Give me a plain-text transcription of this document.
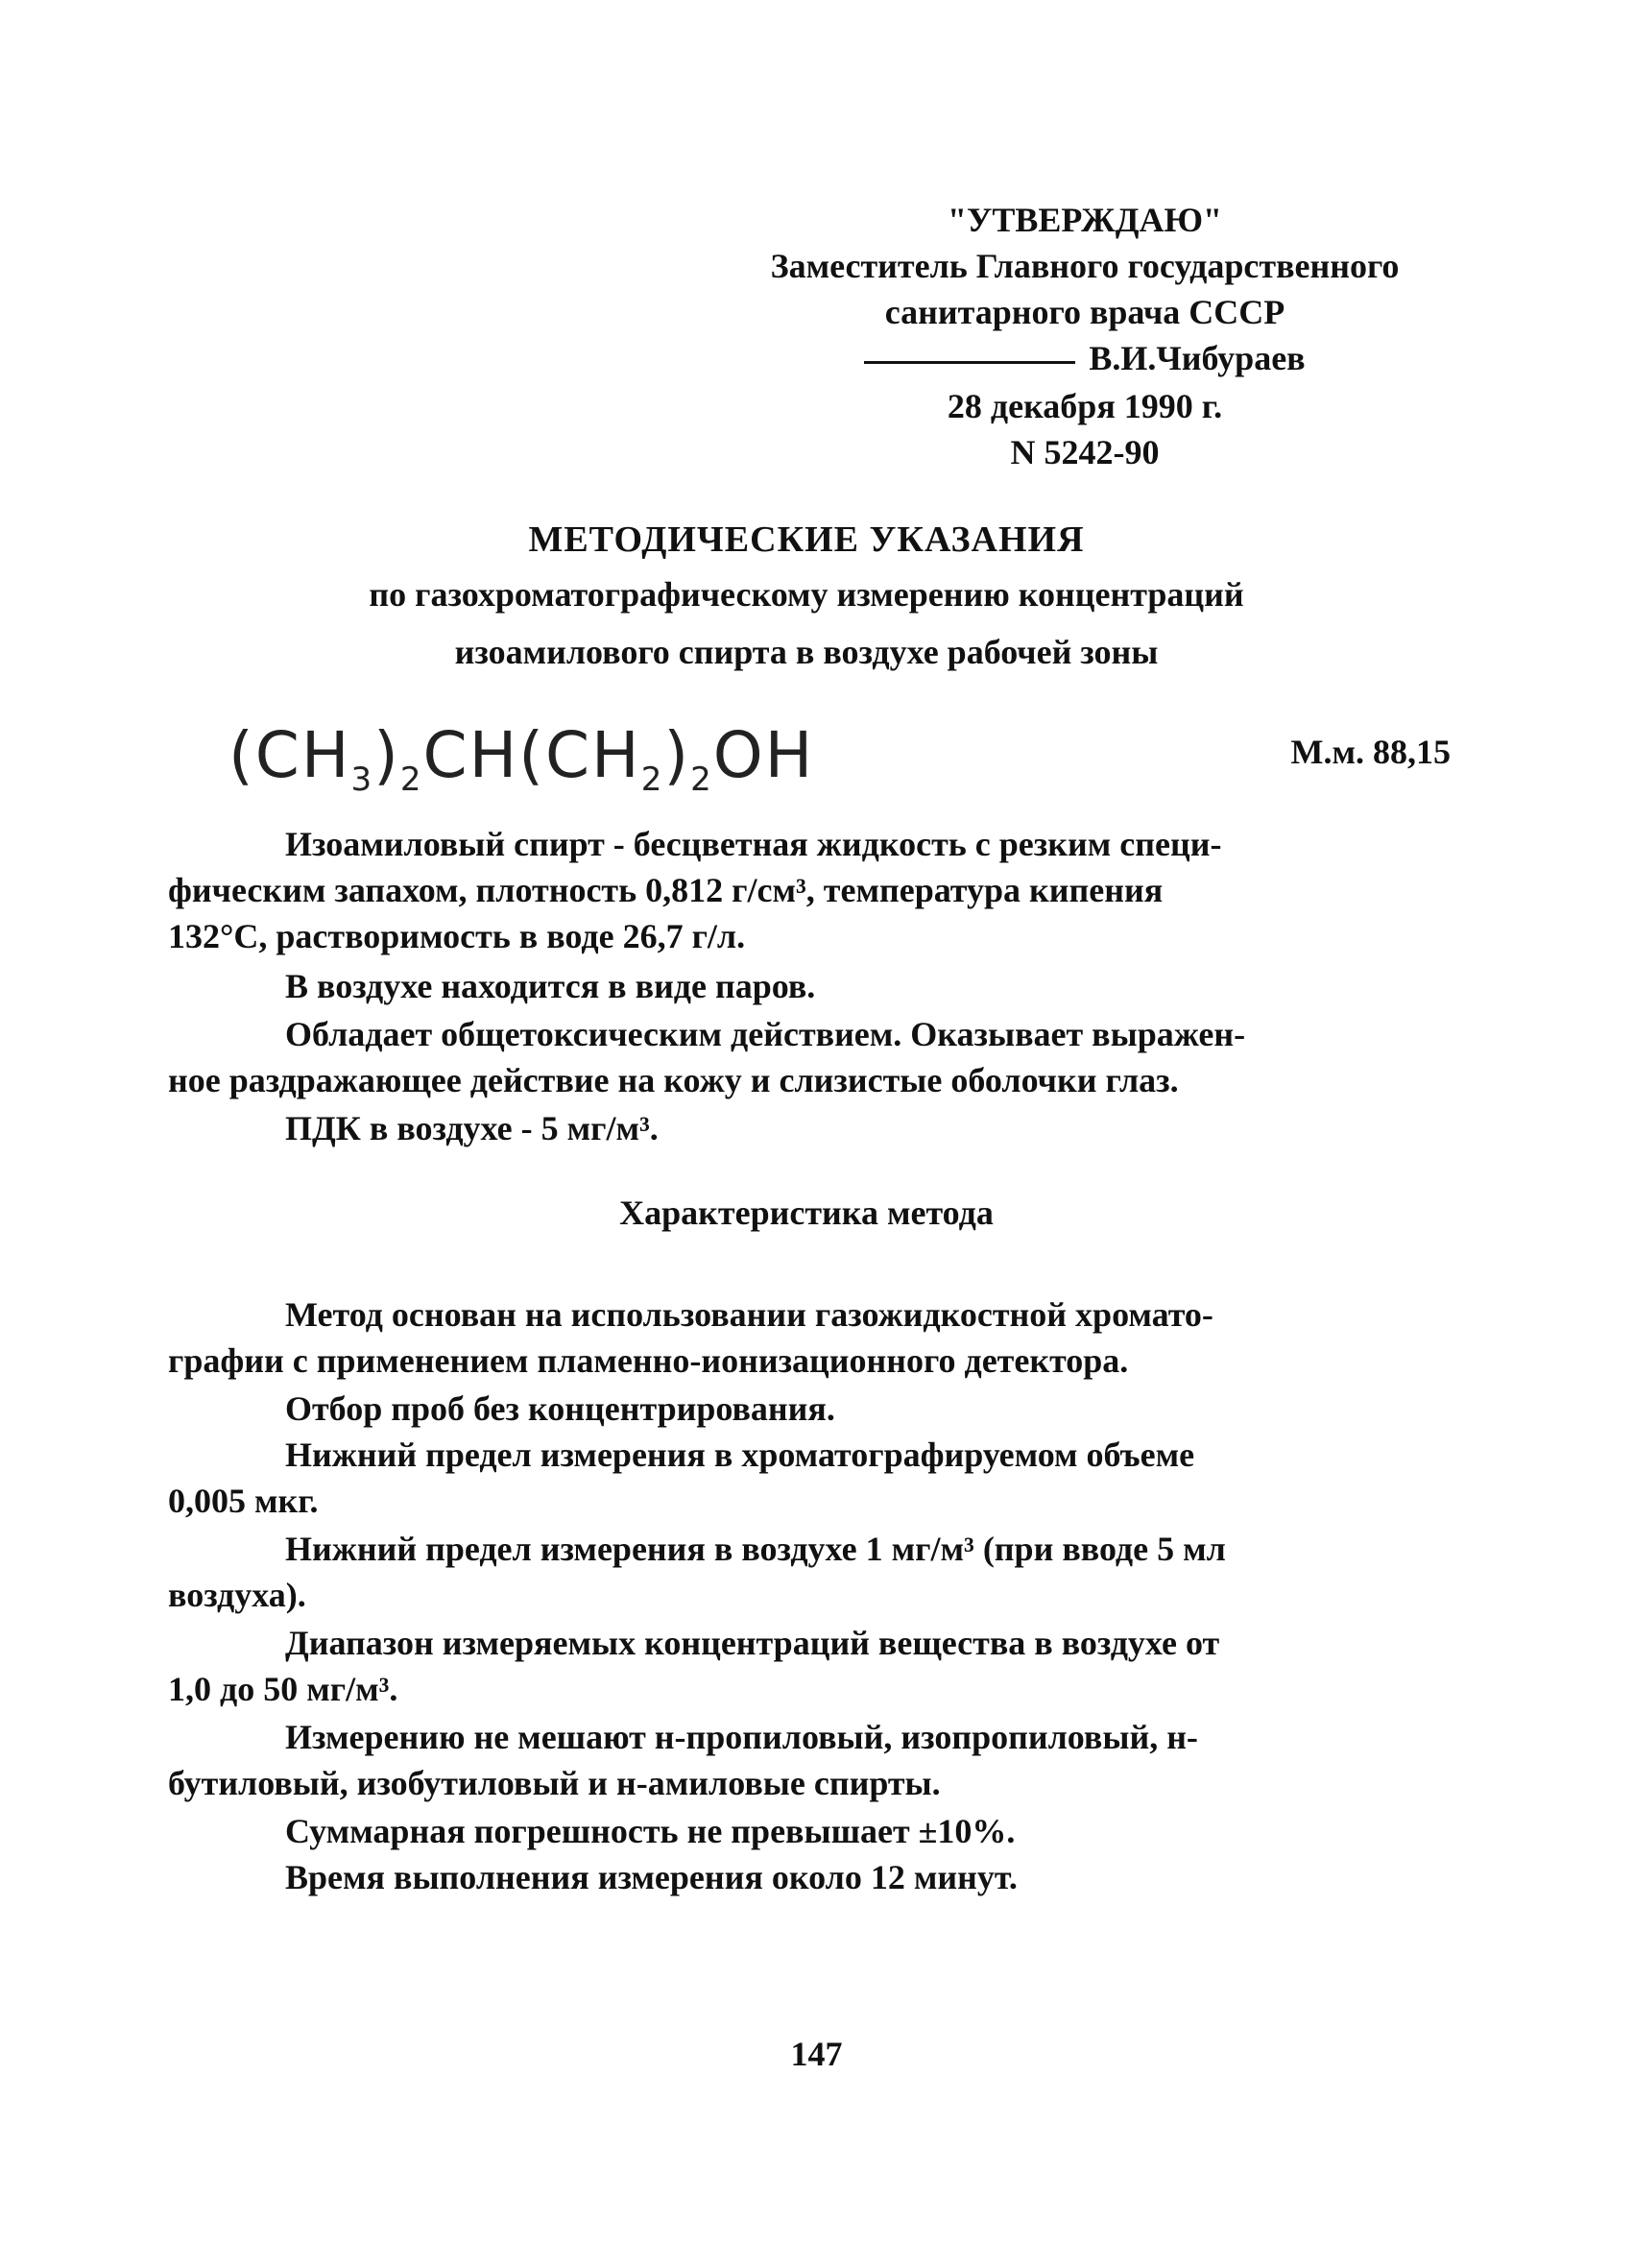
"УТВЕРЖДАЮ"
Заместитель Главного государственного
санитарного врача СССР
В.И.Чибураев
28 декабря 1990 г.
N 5242-90
МЕТОДИЧЕСКИЕ УКАЗАНИЯ
по газохроматографическому измерению концентраций
изоамилового спирта в воздухе рабочей зоны
$(CH_3)_2CH(CH_2)_2OH$	М.м. 88,15
Изоамиловый спирт - бесцветная жидкость с резким специ-
фическим запахом, плотность 0,812 г/см³, температура кипения
132°С, растворимость в воде 26,7 г/л.
В воздухе находится в виде паров.
Обладает общетоксическим действием. Оказывает выражен-
ное раздражающее действие на кожу и слизистые оболочки глаз.
ПДК в воздухе - 5 мг/м³.
Характеристика метода
Метод основан на использовании газожидкостной хромато-
графии с применением пламенно-ионизационного детектора.
Отбор проб без концентрирования.
Нижний предел измерения в хроматографируемом объеме
0,005 мкг.
Нижний предел измерения в воздухе 1 мг/м³ (при вводе 5 мл
воздуха).
Диапазон измеряемых концентраций вещества в воздухе от
1,0 до 50 мг/м³.
Измерению не мешают н-пропиловый, изопропиловый, н-
бутиловый, изобутиловый и н-амиловые спирты.
Суммарная погрешность не превышает ±10%.
Время выполнения измерения около 12 минут.
147
